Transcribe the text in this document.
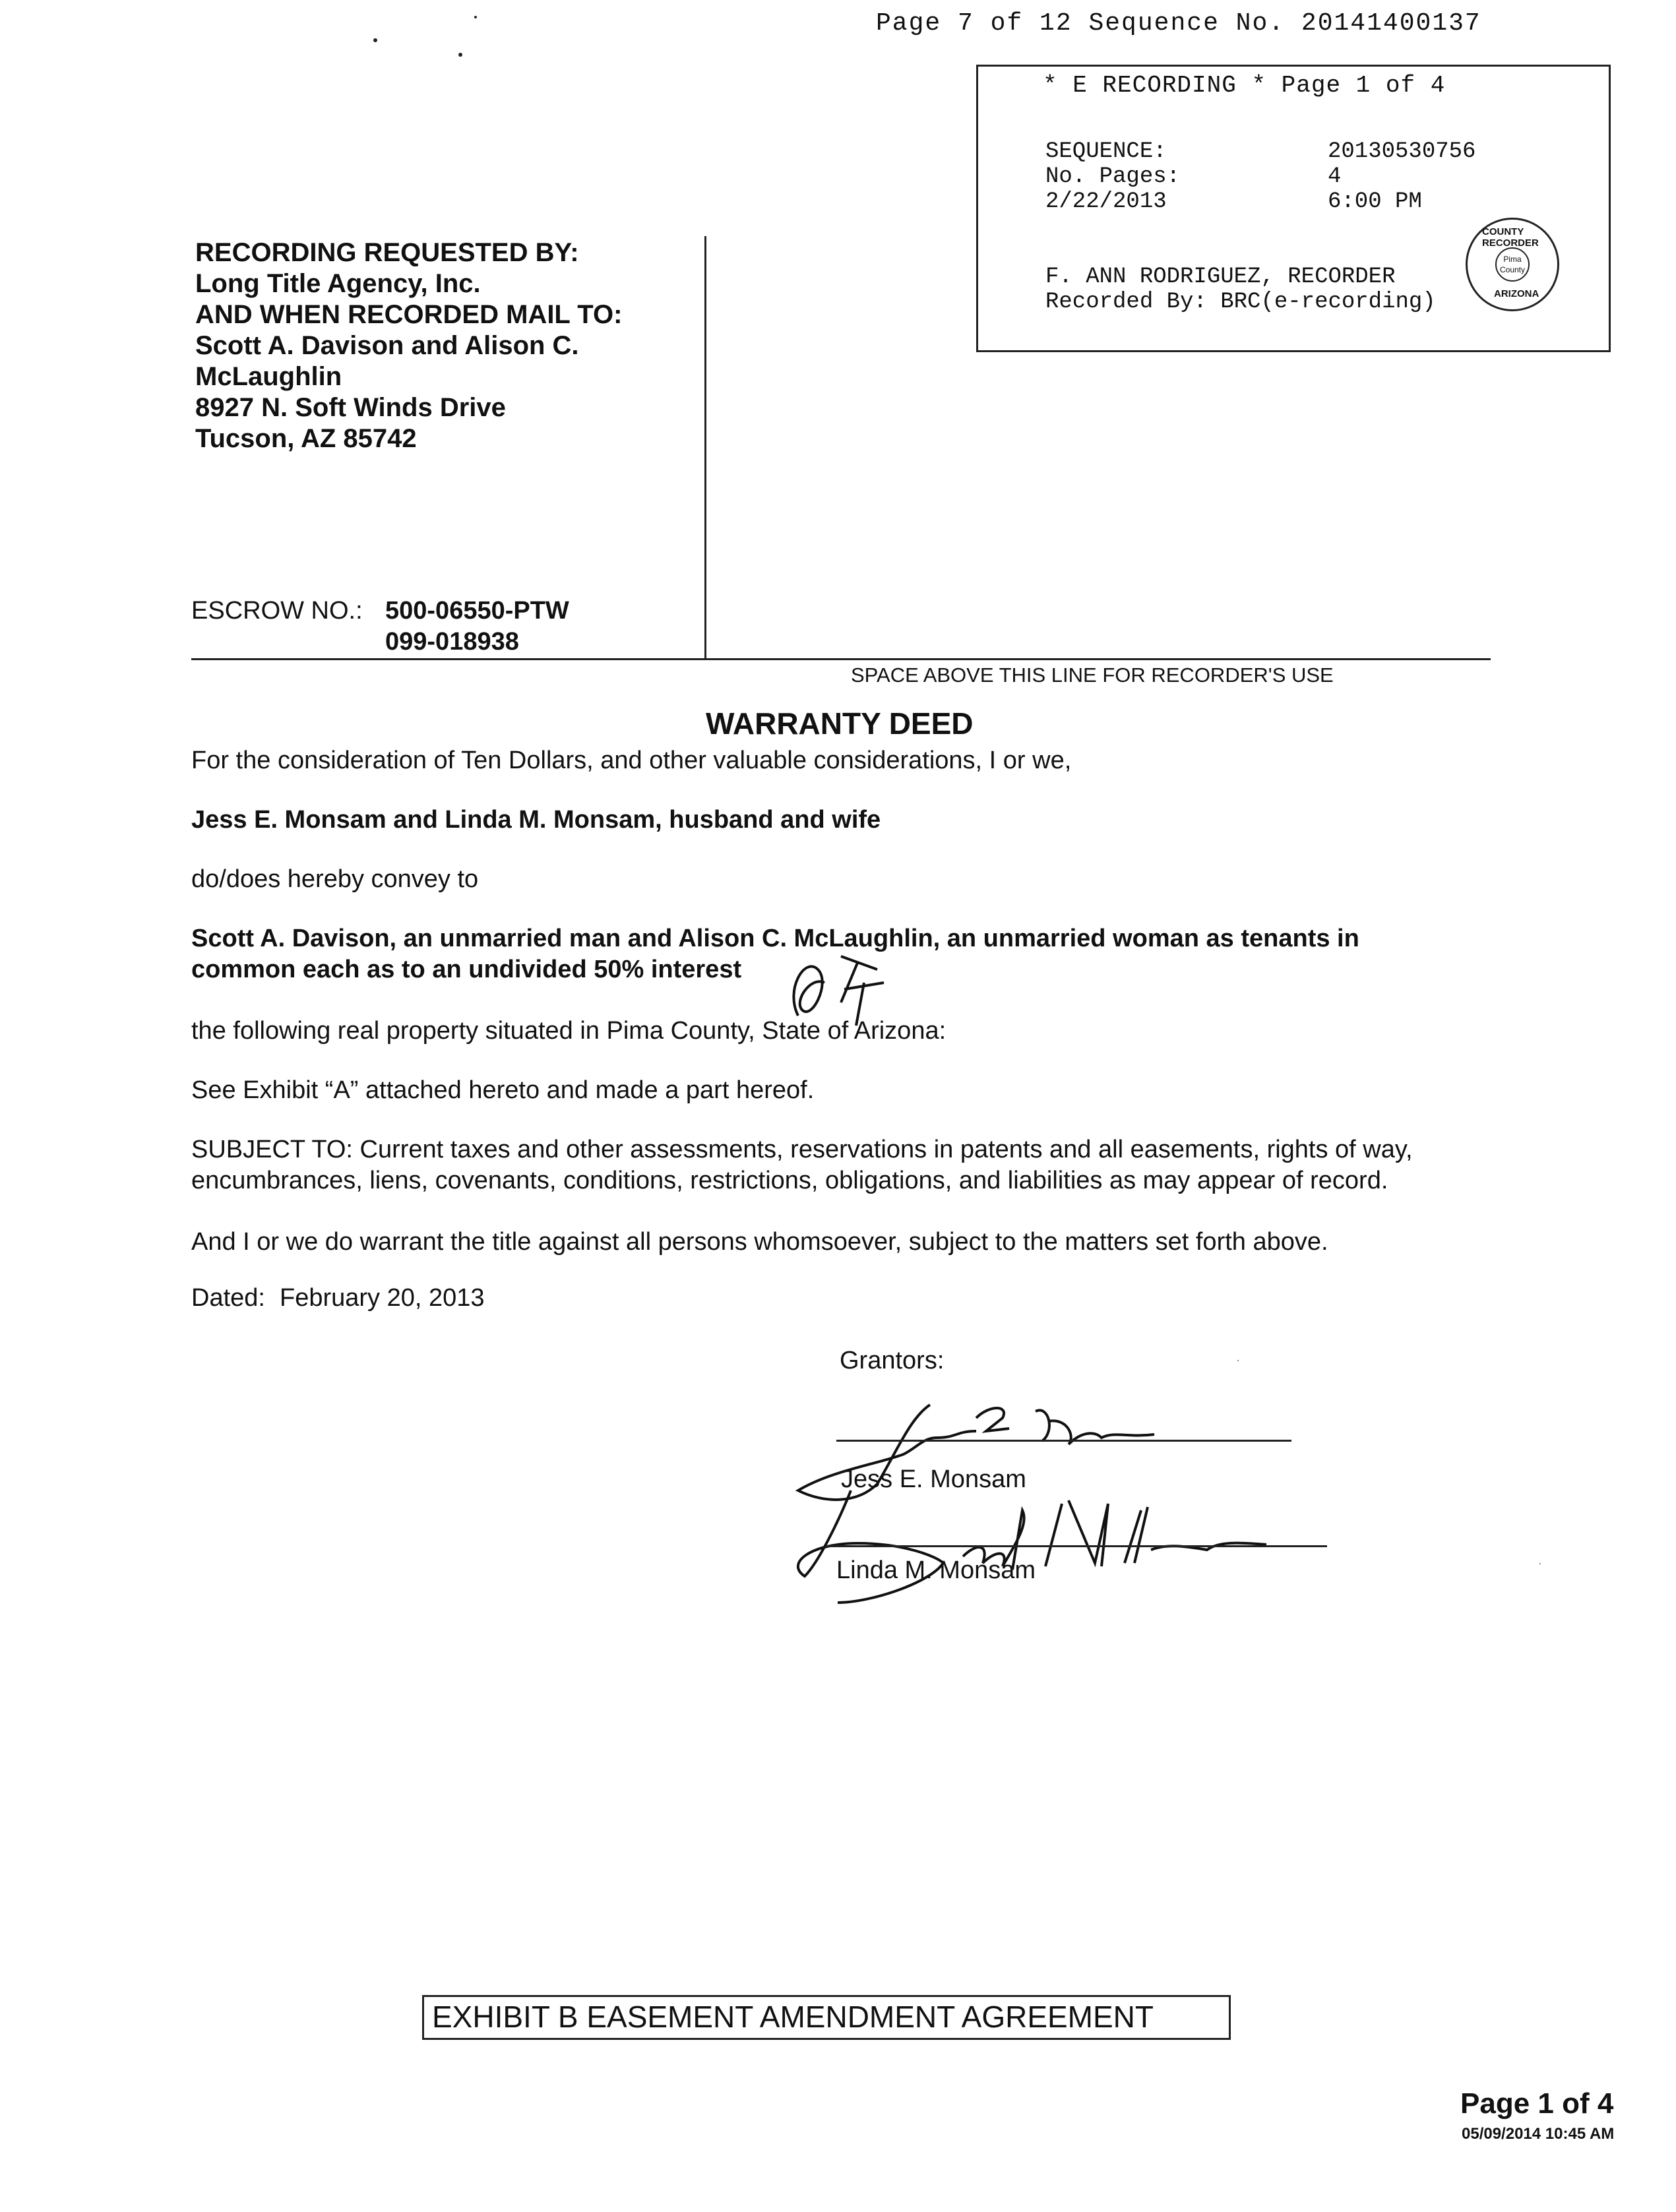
Page 7 of 12 Sequence No. 20141400137
* E RECORDING * Page 1 of 4
SEQUENCE:	20130530756
No. Pages:	4
2/22/2013	6:00 PM
F. ANN RODRIGUEZ, RECORDER
Recorded By: BRC(e-recording)
COUNTY RECORDER
Pima County
ARIZONA
RECORDING REQUESTED BY:
Long Title Agency, Inc.
AND WHEN RECORDED MAIL TO:
Scott A. Davison and Alison C.
McLaughlin
8927 N. Soft Winds Drive
Tucson, AZ 85742
ESCROW NO.: 500-06550-PTW
099-018938
SPACE ABOVE THIS LINE FOR RECORDER'S USE
WARRANTY DEED
For the consideration of Ten Dollars, and other valuable considerations, I or we,
Jess E. Monsam and Linda M. Monsam, husband and wife
do/does hereby convey to
Scott A. Davison, an unmarried man and Alison C. McLaughlin, an unmarried woman as tenants in
common each as to an undivided 50% interest
the following real property situated in Pima County, State of Arizona:
See Exhibit “A” attached hereto and made a part hereof.
SUBJECT TO: Current taxes and other assessments, reservations in patents and all easements, rights of way,
encumbrances, liens, covenants, conditions, restrictions, obligations, and liabilities as may appear of record.
And I or we do warrant the title against all persons whomsoever, subject to the matters set forth above.
Dated: February 20, 2013
Grantors:
Jess E. Monsam
Linda M. Monsam
EXHIBIT B EASEMENT AMENDMENT AGREEMENT
Page 1 of 4
05/09/2014 10:45 AM
